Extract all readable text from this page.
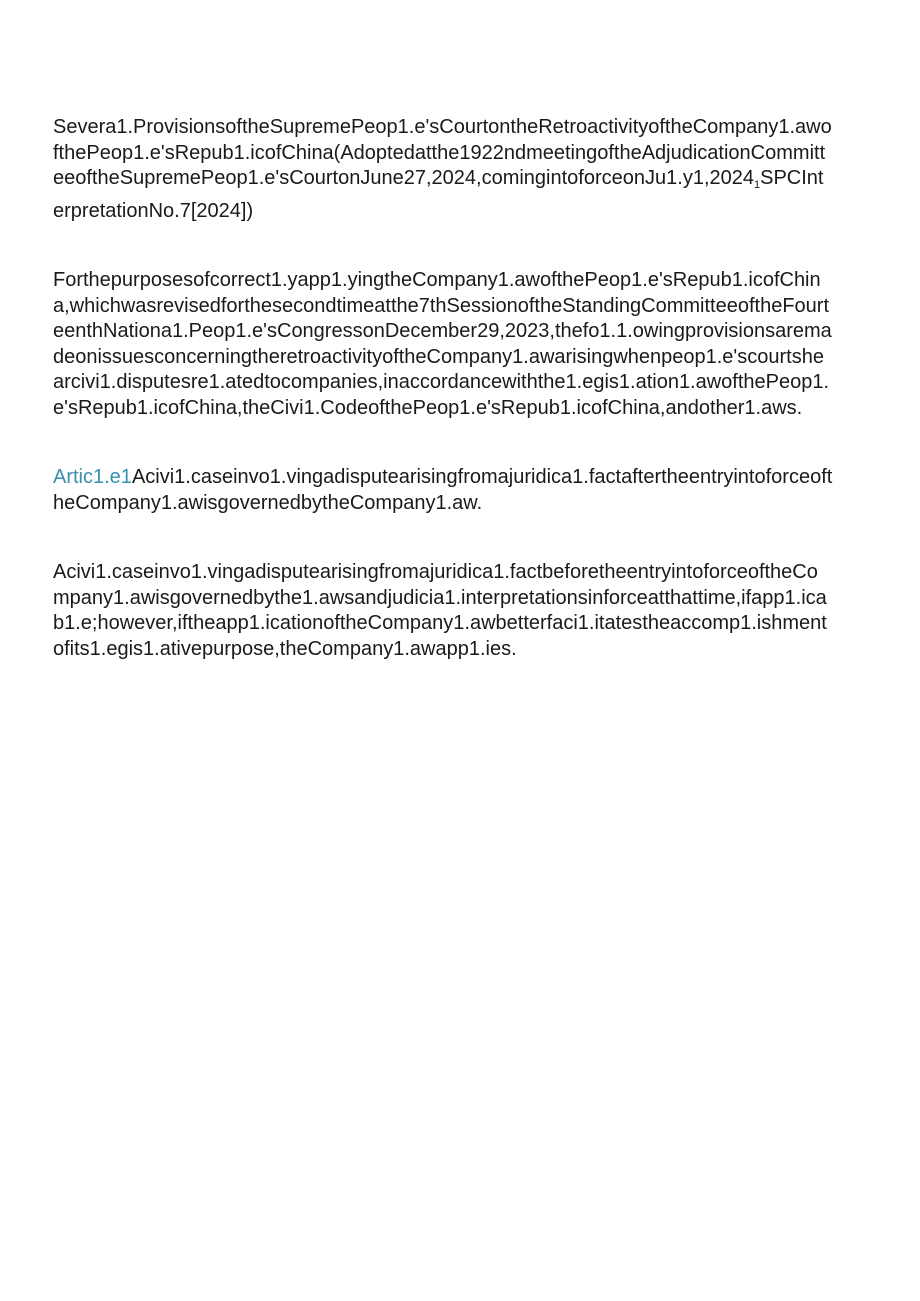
Severa1.ProvisionsoftheSupremePeop1.e'sCourtontheRetroactivityoftheCompany1.awofthePeop1.e'sRepub1.icofChina(Adoptedatth$e1922ndmeetingoftheAdjudicationCommitteeoftheSupremePeop1.e'sCourtonJune27,2024,comingintoforceonJu1.y1,2024_1SPCInterpre$tationNo.7[2024])

Forthepurposesofcorrect1.yapp1.yingtheCompany1.awofthePeop1.e'sRepub1.icofChina,whichwasrevisedforthesecondtimeatthe7thSessionoftheStandingCommitteeoftheFourteenthNationa1.Peop1.e'sCongressonDecember29,2023,thefo1.1.owingprovisionsaremadeonissuesconcerningtheretroactivityoftheCompany1.awarisingwhenpeop1.e'scourtshearcivi1.disputesre1.atedtocompanies,inaccordancewiththe1.egis1.ation1.awofthePeop1.e'sRepub1.icofChina,theCivi1.CodeofthePeop1.e'sRepub1.icofChina,andother1.aws.

Artic1.e1Acivi1.caseinvo1.vingadisputearisingfromajuridica1.factaftertheentryintoforceoftheCompany1.awisgovernedbytheCompany1.aw.

Acivi1.caseinvo1.vingadisputearisingfromajuridica1.factbeforetheentryintoforceoftheCompany1.awisgovernedbythe1.awsandjudicia1.interpretationsinforceatthattime,ifapp1.icab1.e;however,iftheapp1.icationoftheCompany1.awbetterfaci1.itatestheaccomp1.ishmentofits1.egis1.ativepurpose,theCompany1.awapp1.ies.
